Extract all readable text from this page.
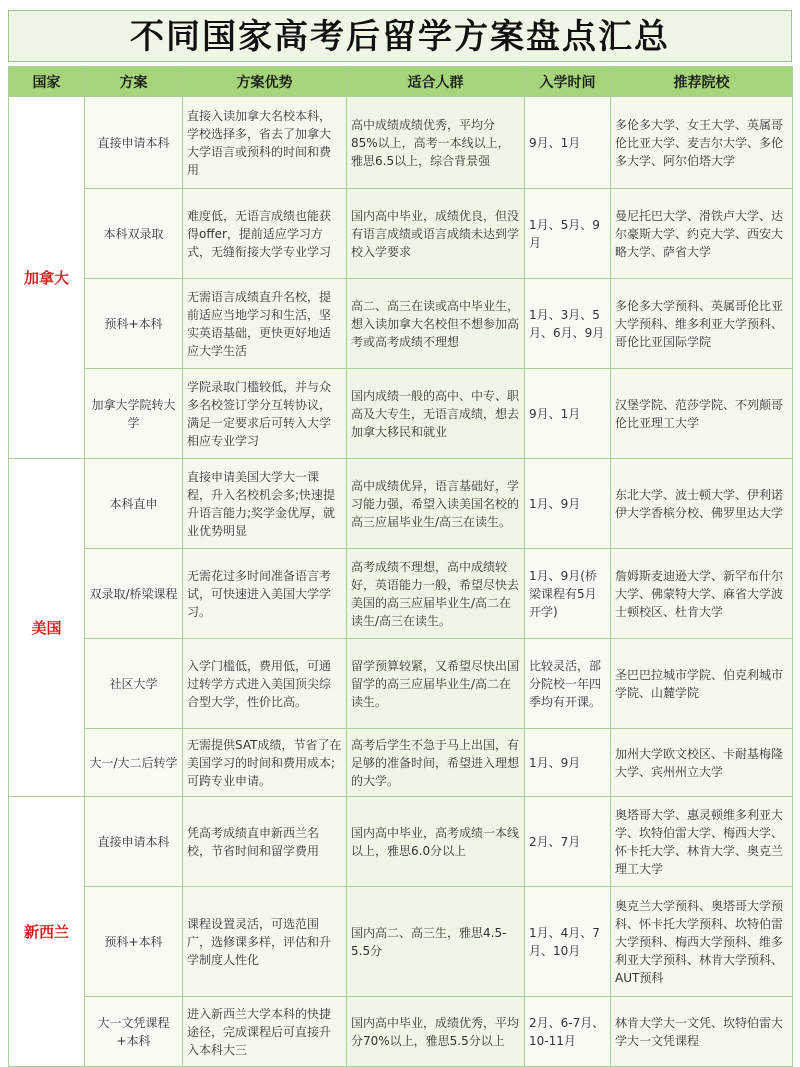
不同国家高考后留学方案盘点汇总
国家	方案	方案优势	适合人群	入学时间	推荐院校
加拿大	直接申请本科	直接入读加拿大名校本科，学校选择多，省去了加拿大大学语言或预科的时间和费用	高中成绩成绩优秀，平均分85%以上，高考一本线以上，雅思6.5以上，综合背景强	9月、1月	多伦多大学、女王大学、英属哥伦比亚大学、麦吉尔大学、多伦多大学、阿尔伯塔大学
	本科双录取	难度低，无语言成绩也能获得offer，提前适应学习方式，无缝衔接大学专业学习	国内高中毕业，成绩优良，但没有语言成绩或语言成绩未达到学校入学要求	1月、5月、9月	曼尼托巴大学、滑铁卢大学、达尔豪斯大学、约克大学、西安大略大学、萨省大学
	预科+本科	无需语言成绩直升名校，提前适应当地学习和生活，坚实英语基础，更快更好地适应大学生活	高二、高三在读或高中毕业生，想入读加拿大名校但不想参加高考或高考成绩不理想	1月、3月、5月、6月、9月	多伦多大学预科、英属哥伦比亚大学预科、维多利亚大学预科、哥伦比亚国际学院
	加拿大学院转大学	学院录取门槛较低，并与众多名校签订学分互转协议，满足一定要求后可转入大学相应专业学习	国内成绩一般的高中、中专、职高及大专生，无语言成绩，想去加拿大移民和就业	9月、1月	汉堡学院、范莎学院、不列颠哥伦比亚理工大学
美国	本科直申	直接申请美国大学大一课程，升入名校机会多;快速提升语言能力;奖学金优厚，就业优势明显	高中成绩优异，语言基础好，学习能力强，希望入读美国名校的高三应届毕业生/高三在读生。	1月、9月	东北大学、波士顿大学、伊利诺伊大学香槟分校、佛罗里达大学
	双录取/桥梁课程	无需花过多时间准备语言考试，可快速进入美国大学学习。	高考成绩不理想，高中成绩较好，英语能力一般，希望尽快去美国的高三应届毕业生/高二在读生/高三在读生。	1月、9月(桥梁课程有5月开学)	詹姆斯麦迪逊大学、新罕布什尔大学、佛蒙特大学、麻省大学波士顿校区、杜肯大学
	社区大学	入学门槛低，费用低，可通过转学方式进入美国顶尖综合型大学，性价比高。	留学预算较紧，又希望尽快出国留学的高三应届毕业生/高二在读生。	比较灵活，部分院校一年四季均有开课。	圣巴巴拉城市学院、伯克利城市学院、山麓学院
	大一/大二后转学	无需提供SAT成绩，节省了在美国学习的时间和费用成本;可跨专业申请。	高考后学生不急于马上出国，有足够的准备时间，希望进入理想的大学。	1月、9月	加州大学欧文校区、卡耐基梅隆大学、宾州州立大学
新西兰	直接申请本科	凭高考成绩直申新西兰名校，节省时间和留学费用	国内高中毕业，高考成绩一本线以上，雅思6.0分以上	2月、7月	奥塔哥大学、惠灵顿维多利亚大学、坎特伯雷大学、梅西大学、怀卡托大学、林肯大学、奥克兰理工大学
	预科+本科	课程设置灵活，可选范围广，选修课多样，评估和升学制度人性化	国内高二、高三生，雅思4.5-5.5分	1月、4月、7月、10月	奥克兰大学预科、奥塔哥大学预科、怀卡托大学预科、坎特伯雷大学预科、梅西大学预科、维多利亚大学预科、林肯大学预科、AUT预科
	大一文凭课程+本科	进入新西兰大学本科的快捷途径，完成课程后可直接升入本科大三	国内高中毕业，成绩优秀，平均分70%以上，雅思5.5分以上	2月、6-7月、10-11月	林肯大学大一文凭、坎特伯雷大学大一文凭课程
